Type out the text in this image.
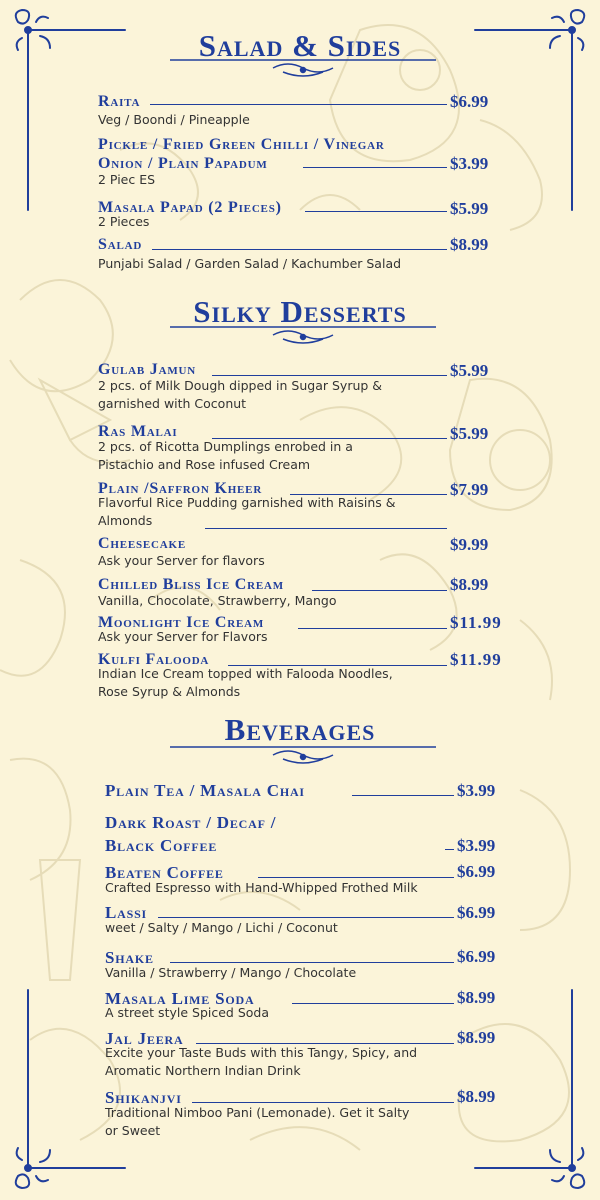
Salad & Sides
Raita	$6.99
Veg / Boondi / Pineapple
Pickle / Fried Green Chilli / Vinegar
Onion / Plain Papadum	$3.99
2 Piec ES
Masala Papad (2 Pieces)	$5.99
2 Pieces
Salad	$8.99
Punjabi Salad / Garden Salad / Kachumber Salad
Silky Desserts
Gulab Jamun	$5.99
2 pcs. of Milk Dough dipped in Sugar Syrup &
garnished with Coconut
Ras Malai	$5.99
2 pcs. of Ricotta Dumplings enrobed in a
Pistachio and Rose infused Cream
Plain /Saffron Kheer	$7.99
Flavorful Rice Pudding garnished with Raisins &
Almonds
Cheesecake	$9.99
Ask your Server for flavors
Chilled Bliss Ice Cream	$8.99
Vanilla, Chocolate, Strawberry, Mango
Moonlight Ice Cream	$11.99
Ask your Server for Flavors
Kulfi Falooda	$11.99
Indian Ice Cream topped with Falooda Noodles,
Rose Syrup & Almonds
Beverages
Plain Tea / Masala Chai	$3.99
Dark Roast / Decaf /
Black Coffee	$3.99
Beaten Coffee	$6.99
Crafted Espresso with Hand-Whipped Frothed Milk
Lassi	$6.99
weet / Salty / Mango / Lichi / Coconut
Shake	$6.99
Vanilla / Strawberry / Mango / Chocolate
Masala Lime Soda	$8.99
A street style Spiced Soda
Jal Jeera	$8.99
Excite your Taste Buds with this Tangy, Spicy, and
Aromatic Northern Indian Drink
Shikanjvi	$8.99
Traditional Nimboo Pani (Lemonade). Get it Salty
or Sweet
